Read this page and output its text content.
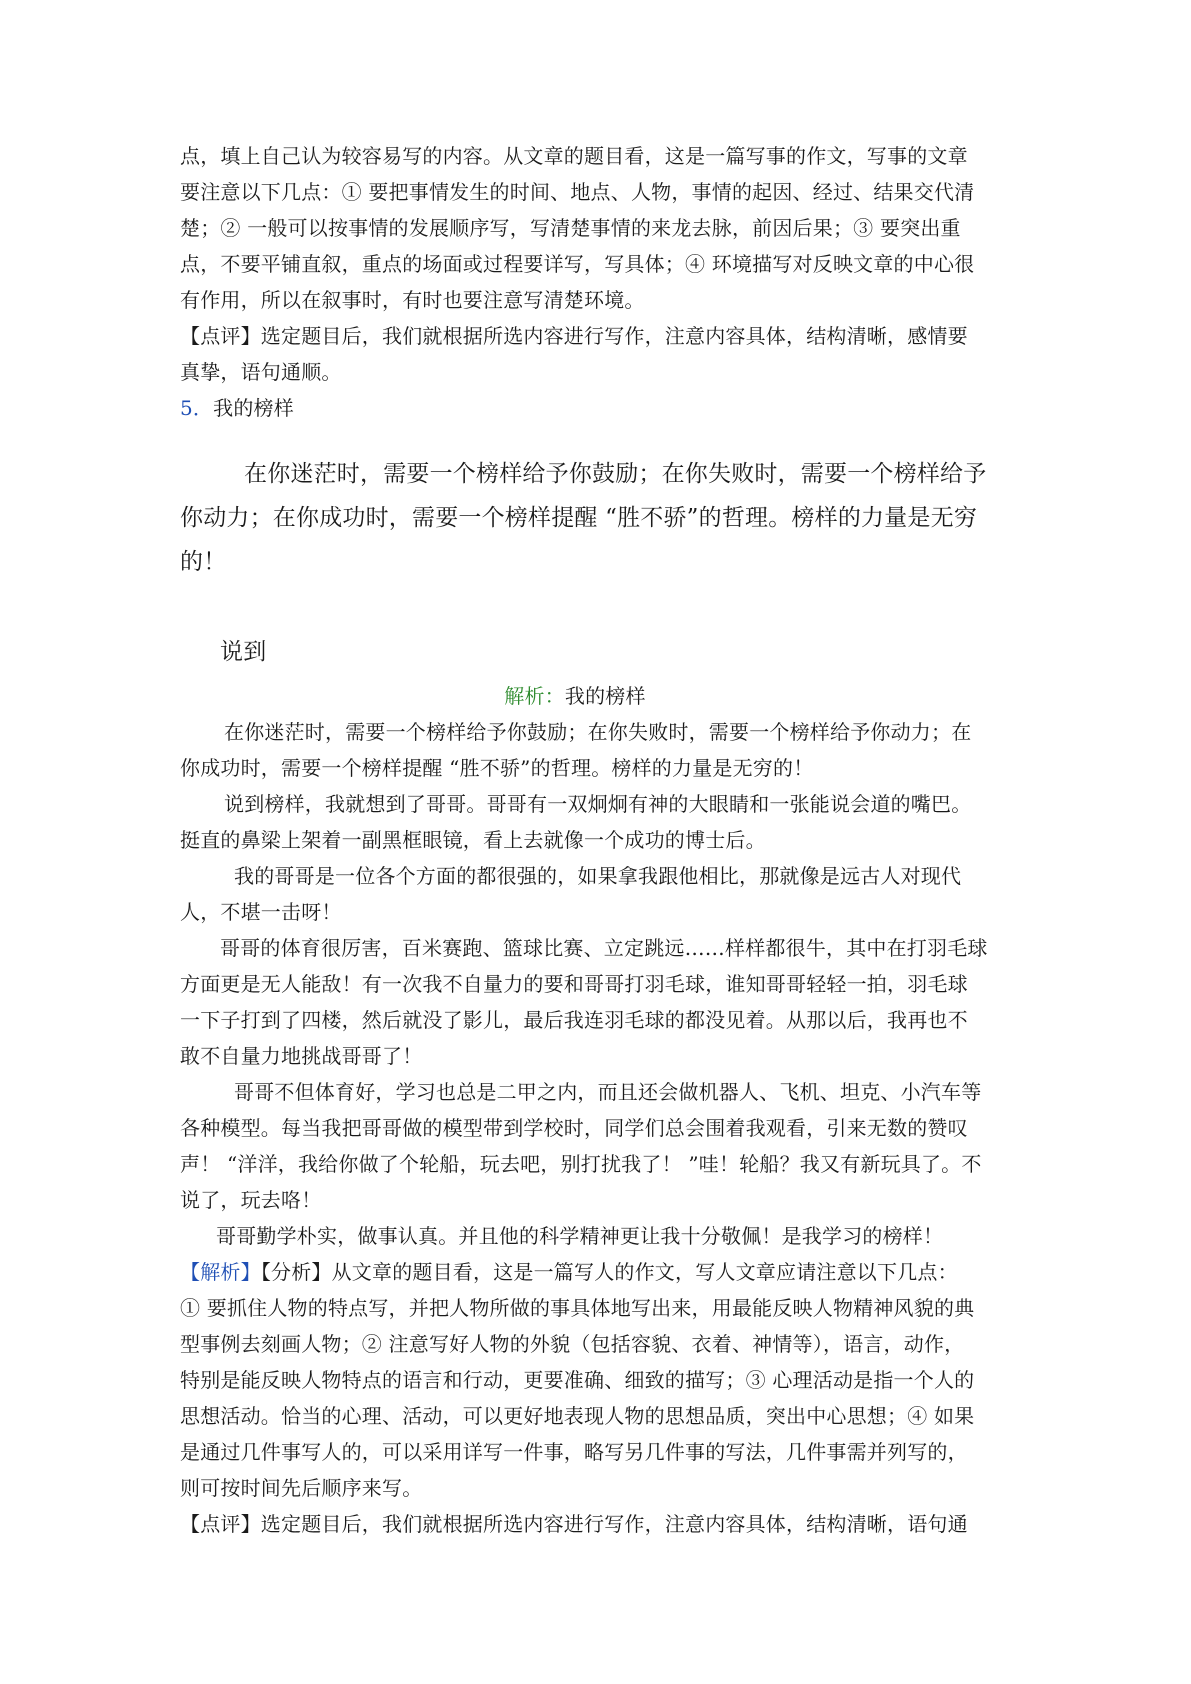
点，填上自己认为较容易写的内容。从文章的题目看，这是一篇写事的作文，写事的文章
要注意以下几点：① 要把事情发生的时间、地点、人物，事情的起因、经过、结果交代清
楚；② 一般可以按事情的发展顺序写，写清楚事情的来龙去脉，前因后果；③ 要突出重
点，不要平铺直叙，重点的场面或过程要详写，写具体；④ 环境描写对反映文章的中心很
有作用，所以在叙事时，有时也要注意写清楚环境。
【点评】选定题目后，我们就根据所选内容进行写作，注意内容具体，结构清晰，感情要
真挚，语句通顺。
5．我的榜样
在你迷茫时，需要一个榜样给予你鼓励；在你失败时，需要一个榜样给予
你动力；在你成功时，需要一个榜样提醒 “胜不骄”的哲理。榜样的力量是无穷
的！
说到
解析：我的榜样
在你迷茫时，需要一个榜样给予你鼓励；在你失败时，需要一个榜样给予你动力；在
你成功时，需要一个榜样提醒 “胜不骄”的哲理。榜样的力量是无穷的！
说到榜样，我就想到了哥哥。哥哥有一双炯炯有神的大眼睛和一张能说会道的嘴巴。
挺直的鼻梁上架着一副黑框眼镜，看上去就像一个成功的博士后。
我的哥哥是一位各个方面的都很强的，如果拿我跟他相比，那就像是远古人对现代
人，不堪一击呀！
哥哥的体育很厉害，百米赛跑、篮球比赛、立定跳远……样样都很牛，其中在打羽毛球
方面更是无人能敌！有一次我不自量力的要和哥哥打羽毛球，谁知哥哥轻轻一拍，羽毛球
一下子打到了四楼，然后就没了影儿，最后我连羽毛球的都没见着。从那以后，我再也不
敢不自量力地挑战哥哥了！
哥哥不但体育好，学习也总是二甲之内，而且还会做机器人、飞机、坦克、小汽车等
各种模型。每当我把哥哥做的模型带到学校时，同学们总会围着我观看，引来无数的赞叹
声！ “洋洋，我给你做了个轮船，玩去吧，别打扰我了！ ”哇！轮船？我又有新玩具了。不
说了，玩去咯！
哥哥勤学朴实，做事认真。并且他的科学精神更让我十分敬佩！是我学习的榜样！
【解析】【分析】从文章的题目看，这是一篇写人的作文，写人文章应请注意以下几点：
① 要抓住人物的特点写，并把人物所做的事具体地写出来，用最能反映人物精神风貌的典
型事例去刻画人物；② 注意写好人物的外貌（包括容貌、衣着、神情等），语言，动作，
特别是能反映人物特点的语言和行动，更要准确、细致的描写；③ 心理活动是指一个人的
思想活动。恰当的心理、活动，可以更好地表现人物的思想品质，突出中心思想；④ 如果
是通过几件事写人的，可以采用详写一件事，略写另几件事的写法，几件事需并列写的，
则可按时间先后顺序来写。
【点评】选定题目后，我们就根据所选内容进行写作，注意内容具体，结构清晰，语句通
